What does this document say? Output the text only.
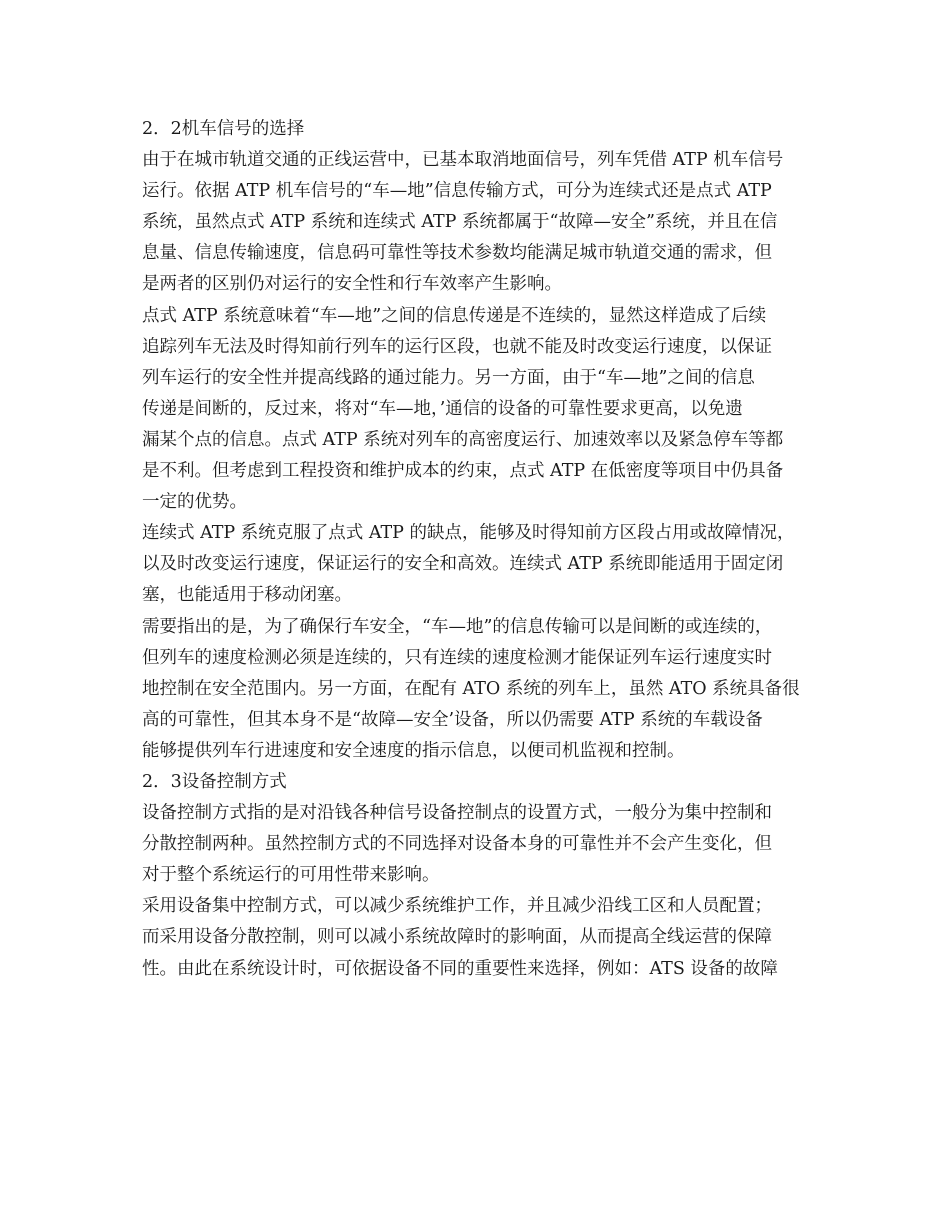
2．2机车信号的选择
由于在城市轨道交通的正线运营中，已基本取消地面信号，列车凭借 ATP 机车信号
运行。依据 ATP 机车信号的“车—地”信息传输方式，可分为连续式还是点式 ATP
系统，虽然点式 ATP 系统和连续式 ATP 系统都属于“故障—安全”系统，并且在信
息量、信息传输速度，信息码可靠性等技术参数均能满足城市轨道交通的需求，但
是两者的区别仍对运行的安全性和行车效率产生影响。
点式 ATP 系统意味着“车—地”之间的信息传递是不连续的，显然这样造成了后续
追踪列车无法及时得知前行列车的运行区段，也就不能及时改变运行速度，以保证
列车运行的安全性并提高线路的通过能力。另一方面，由于“车—地”之间的信息
传递是间断的，反过来，将对“车—地，’通信的设备的可靠性要求更高，以免遗
漏某个点的信息。点式 ATP 系统对列车的高密度运行、加速效率以及紧急停车等都
是不利。但考虑到工程投资和维护成本的约束，点式 ATP 在低密度等项目中仍具备
一定的优势。
连续式 ATP 系统克服了点式 ATP 的缺点，能够及时得知前方区段占用或故障情况，
以及时改变运行速度，保证运行的安全和高效。连续式 ATP 系统即能适用于固定闭
塞，也能适用于移动闭塞。
需要指出的是，为了确保行车安全，“车—地”的信息传输可以是间断的或连续的，
但列车的速度检测必须是连续的，只有连续的速度检测才能保证列车运行速度实时
地控制在安全范围内。另一方面，在配有 ATO 系统的列车上，虽然 ATO 系统具备很
高的可靠性，但其本身不是“故障—安全’设备，所以仍需要 ATP 系统的车载设备
能够提供列车行进速度和安全速度的指示信息，以便司机监视和控制。
2．3设备控制方式
设备控制方式指的是对沿钱各种信号设备控制点的设置方式，一般分为集中控制和
分散控制两种。虽然控制方式的不同选择对设备本身的可靠性并不会产生变化，但
对于整个系统运行的可用性带来影响。
采用设备集中控制方式，可以减少系统维护工作，并且减少沿线工区和人员配置；
而采用设备分散控制，则可以减小系统故障时的影响面，从而提高全线运营的保障
性。由此在系统设计时，可依据设备不同的重要性来选择，例如：ATS 设备的故障
